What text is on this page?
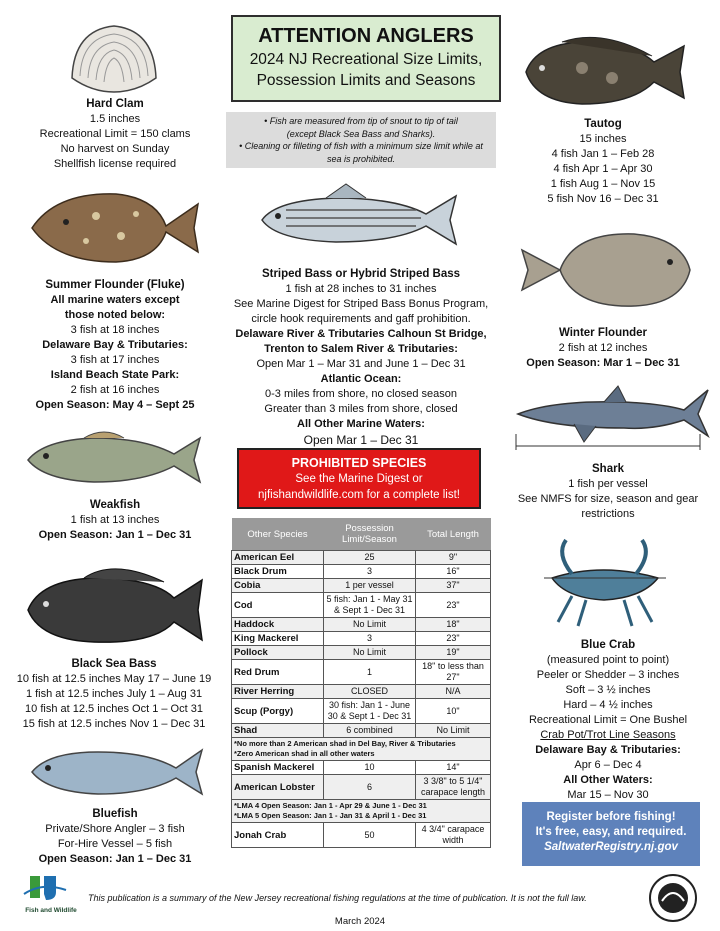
ATTENTION ANGLERS
2024 NJ Recreational Size Limits,
Possession Limits and Seasons
• Fish are measured from tip of snout to tip of tail
(except Black Sea Bass and Sharks).
• Cleaning or filleting of fish with a minimum size limit while at
sea is prohibited.
Hard Clam
1.5 inches
Recreational Limit = 150 clams
No harvest on Sunday
Shellfish license required
Summer Flounder (Fluke)
All marine waters except
those noted below:
3 fish at 18 inches
Delaware Bay & Tributaries:
3 fish at 17 inches
Island Beach State Park:
2 fish at 16 inches
Open Season: May 4 – Sept 25
Weakfish
1 fish at 13 inches
Open Season: Jan 1 – Dec 31
Black Sea Bass
10 fish at 12.5 inches May 17 – June 19
1 fish at 12.5 inches July 1 – Aug 31
10 fish at 12.5 inches Oct 1 – Oct 31
15 fish at 12.5 inches Nov 1 – Dec 31
Bluefish
Private/Shore Angler – 3 fish
For-Hire Vessel – 5 fish
Open Season: Jan 1 – Dec 31
Striped Bass or Hybrid Striped Bass
1 fish at 28 inches to 31 inches
See Marine Digest for Striped Bass Bonus Program,
circle hook requirements and gaff prohibition.
Delaware River & Tributaries Calhoun St Bridge,
Trenton to Salem River & Tributaries:
Open Mar 1 – Mar 31 and June 1 – Dec 31
Atlantic Ocean:
0-3 miles from shore, no closed season
Greater than 3 miles from shore, closed
All Other Marine Waters:
Open Mar 1 – Dec 31
PROHIBITED SPECIES
See the Marine Digest or
njfishandwildlife.com for a complete list!
Other Species	Possession Limit/Season	Total Length
American Eel	25	9"
Black Drum	3	16"
Cobia	1 per vessel	37"
Cod	5 fish: Jan 1 - May 31 & Sept 1 - Dec 31	23"
Haddock	No Limit	18"
King Mackerel	3	23"
Pollock	No Limit	19"
Red Drum	1	18" to less than 27"
River Herring	CLOSED	N/A
Scup (Porgy)	30 fish: Jan 1 - June 30 & Sept 1 - Dec 31	10"
Shad	6 combined	No Limit

*No more than 2 American shad in Del Bay, River & Tributaries
*Zero American shad in all other waters		

Spanish Mackerel	10	14"
American Lobster	6	3 3/8" to 5 1/4" carapace length

*LMA 4 Open Season: Jan 1 - Apr 29 & June 1 - Dec 31
*LMA 5 Open Season: Jan 1 - Jan 31 & April 1 - Dec 31		

Jonah Crab	50	4 3/4" carapace width
Tautog
15 inches
4 fish Jan 1 – Feb 28
4 fish Apr 1 – Apr 30
1 fish Aug 1 – Nov 15
5 fish Nov 16 – Dec 31
Winter Flounder
2 fish at 12 inches
Open Season: Mar 1 – Dec 31
Shark
1 fish per vessel
See NMFS for size, season and gear
restrictions
Blue Crab
(measured point to point)
Peeler or Shedder – 3 inches
Soft – 3 ½ inches
Hard – 4 ½ inches
Recreational Limit = One Bushel
Crab Pot/Trot Line Seasons
Delaware Bay & Tributaries:
Apr 6 – Dec 4
All Other Waters:
Mar 15 – Nov 30
Register before fishing!
It's free, easy, and required.
SaltwaterRegistry.nj.gov
Fish and Wildlife
This publication is a summary of the New Jersey recreational fishing regulations at the time of publication. It is not the full law.
March 2024
